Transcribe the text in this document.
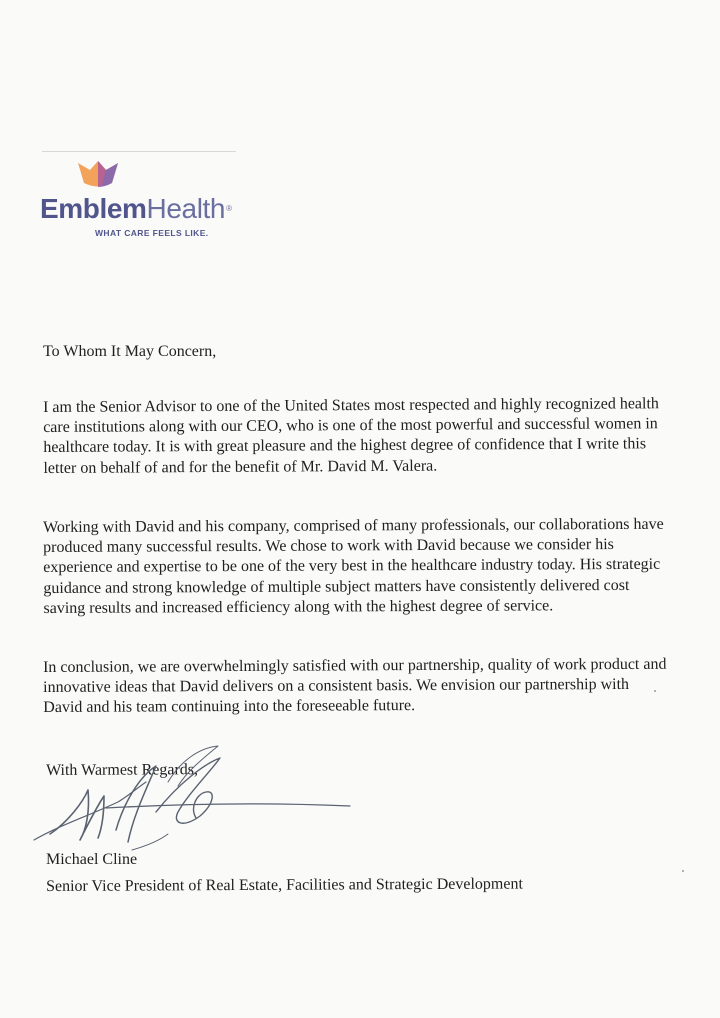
EmblemHealth®
WHAT CARE FEELS LIKE.
To Whom It May Concern,

I am the Senior Advisor to one of the United States most respected and highly recognized health
care institutions along with our CEO, who is one of the most powerful and successful women in
healthcare today. It is with great pleasure and the highest degree of confidence that I write this
letter on behalf of and for the benefit of Mr. David M. Valera.

Working with David and his company, comprised of many professionals, our collaborations have
produced many successful results. We chose to work with David because we consider his
experience and expertise to be one of the very best in the healthcare industry today. His strategic
guidance and strong knowledge of multiple subject matters have consistently delivered cost
saving results and increased efficiency along with the highest degree of service.

In conclusion, we are overwhelmingly satisfied with our partnership, quality of work product and
innovative ideas that David delivers on a consistent basis. We envision our partnership with
David and his team continuing into the foreseeable future.

With Warmest Regards,
Michael Cline
Senior Vice President of Real Estate, Facilities and Strategic Development
